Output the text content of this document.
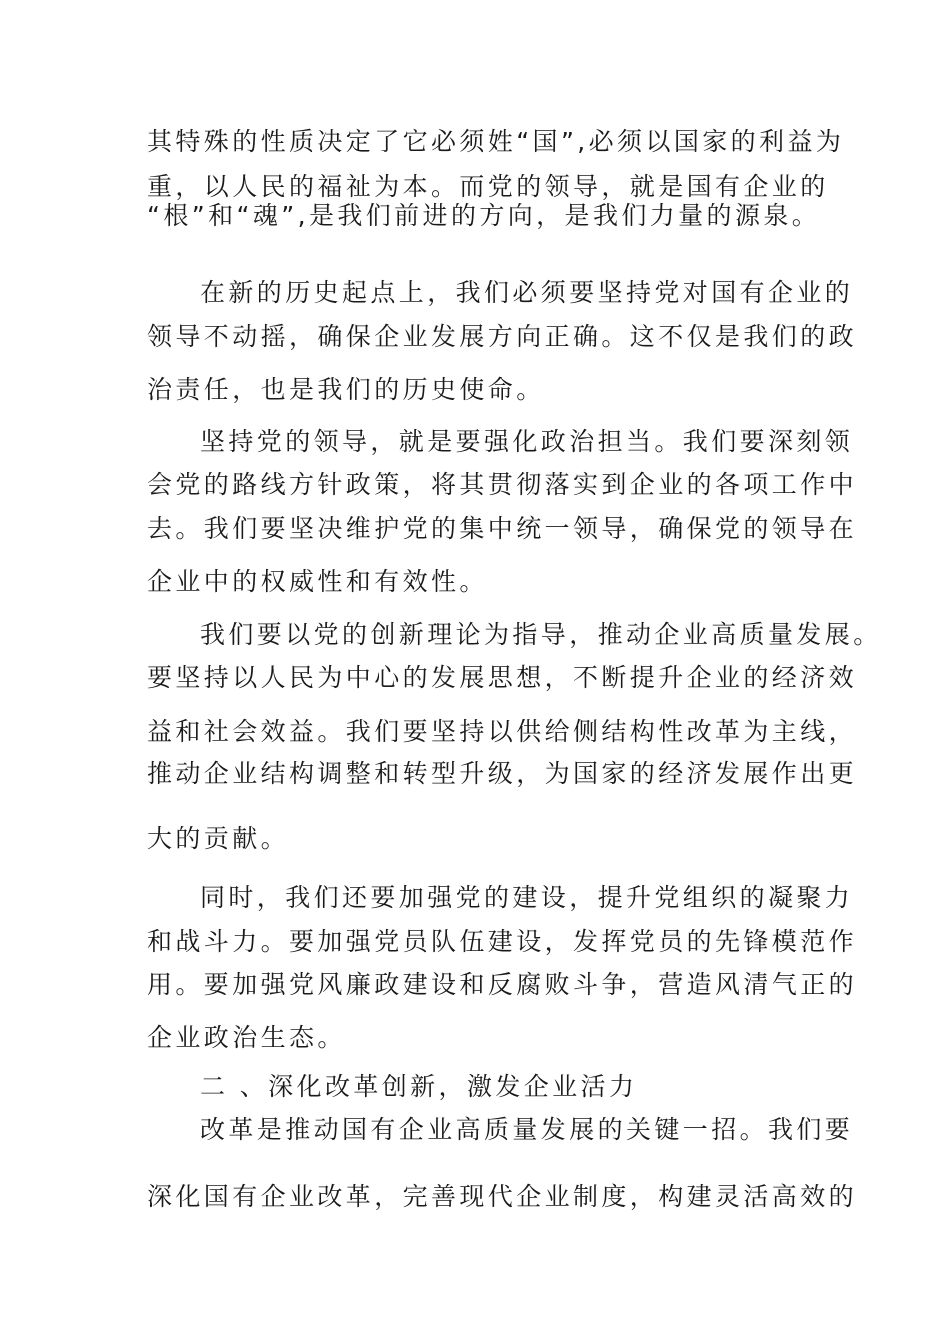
其特殊的性质决定了它必须姓“国”,必须以国家的利益为
重，以人民的福祉为本。而党的领导，就是国有企业的
“根”和“魂”,是我们前进的方向，是我们力量的源泉。
在新的历史起点上，我们必须要坚持党对国有企业的
领导不动摇，确保企业发展方向正确。这不仅是我们的政
治责任，也是我们的历史使命。
坚持党的领导，就是要强化政治担当。我们要深刻领
会党的路线方针政策，将其贯彻落实到企业的各项工作中
去。我们要坚决维护党的集中统一领导，确保党的领导在
企业中的权威性和有效性。
我们要以党的创新理论为指导，推动企业高质量发展。
要坚持以人民为中心的发展思想，不断提升企业的经济效
益和社会效益。我们要坚持以供给侧结构性改革为主线，
推动企业结构调整和转型升级，为国家的经济发展作出更
大的贡献。
同时，我们还要加强党的建设，提升党组织的凝聚力
和战斗力。要加强党员队伍建设，发挥党员的先锋模范作
用。要加强党风廉政建设和反腐败斗争，营造风清气正的
企业政治生态。
二 、深化改革创新，激发企业活力
改革是推动国有企业高质量发展的关键一招。我们要
深化国有企业改革，完善现代企业制度，构建灵活高效的
